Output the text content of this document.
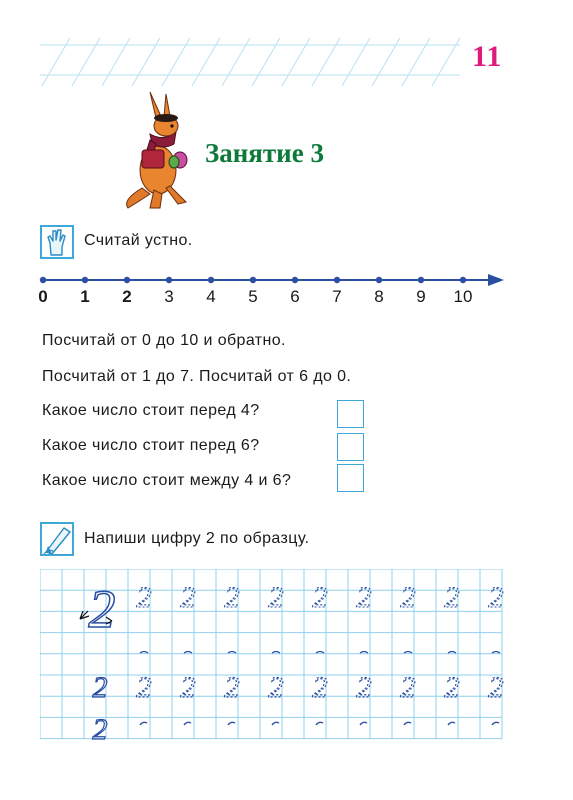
11
Занятие 3
Считай устно.
0 1 2 3 4 5 6 7 8 9 10
Посчитай от 0 до 10 и обратно.
Посчитай от 1 до 7. Посчитай от 6 до 0.
Какое число стоит перед 4?
Какое число стоит перед 6?
Какое число стоит между 4 и 6?
Напиши цифру 2 по образцу.
2 2 2 2 2 2 2 2 2 2
2 2 2 2 2 2 2 2 2 2
2
